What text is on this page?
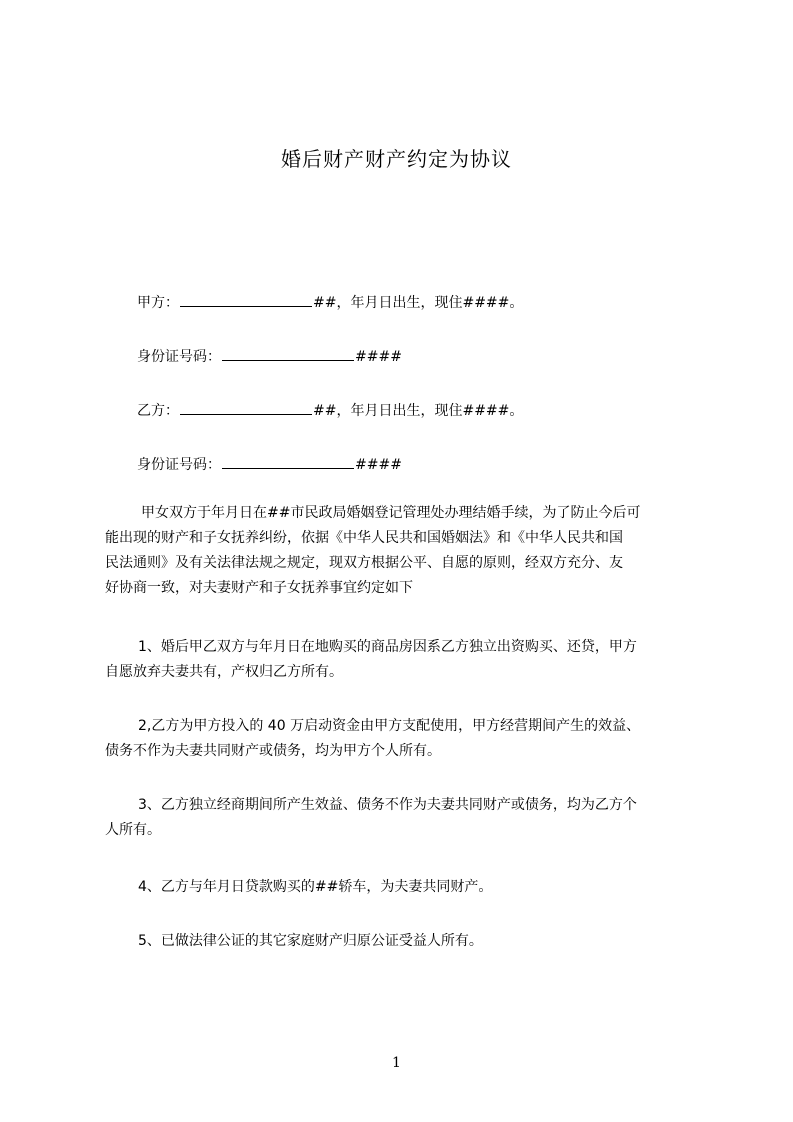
婚后财产财产约定为协议
甲方：	##，年月日出生，现住####。
身份证号码：	####
乙方：	##，年月日出生，现住####。
身份证号码：	####

甲女双方于年月日在##市民政局婚姻登记管理处办理结婚手续，为了防止今后可

能出现的财产和子女抚养纠纷，依据《中华人民共和国婚姻法》和《中华人民共和国

民法通则》及有关法律法规之规定，现双方根据公平、自愿的原则，经双方充分、友

好协商一致，对夫妻财产和子女抚养事宜约定如下

1、婚后甲乙双方与年月日在地购买的商品房因系乙方独立出资购买、还贷，甲方

自愿放弃夫妻共有，产权归乙方所有。

2,乙方为甲方投入的 40 万启动资金由甲方支配使用，甲方经营期间产生的效益、

债务不作为夫妻共同财产或债务，均为甲方个人所有。

3、乙方独立经商期间所产生效益、债务不作为夫妻共同财产或债务，均为乙方个

人所有。

4、乙方与年月日贷款购买的##轿车，为夫妻共同财产。

5、已做法律公证的其它家庭财产归原公证受益人所有。

1
